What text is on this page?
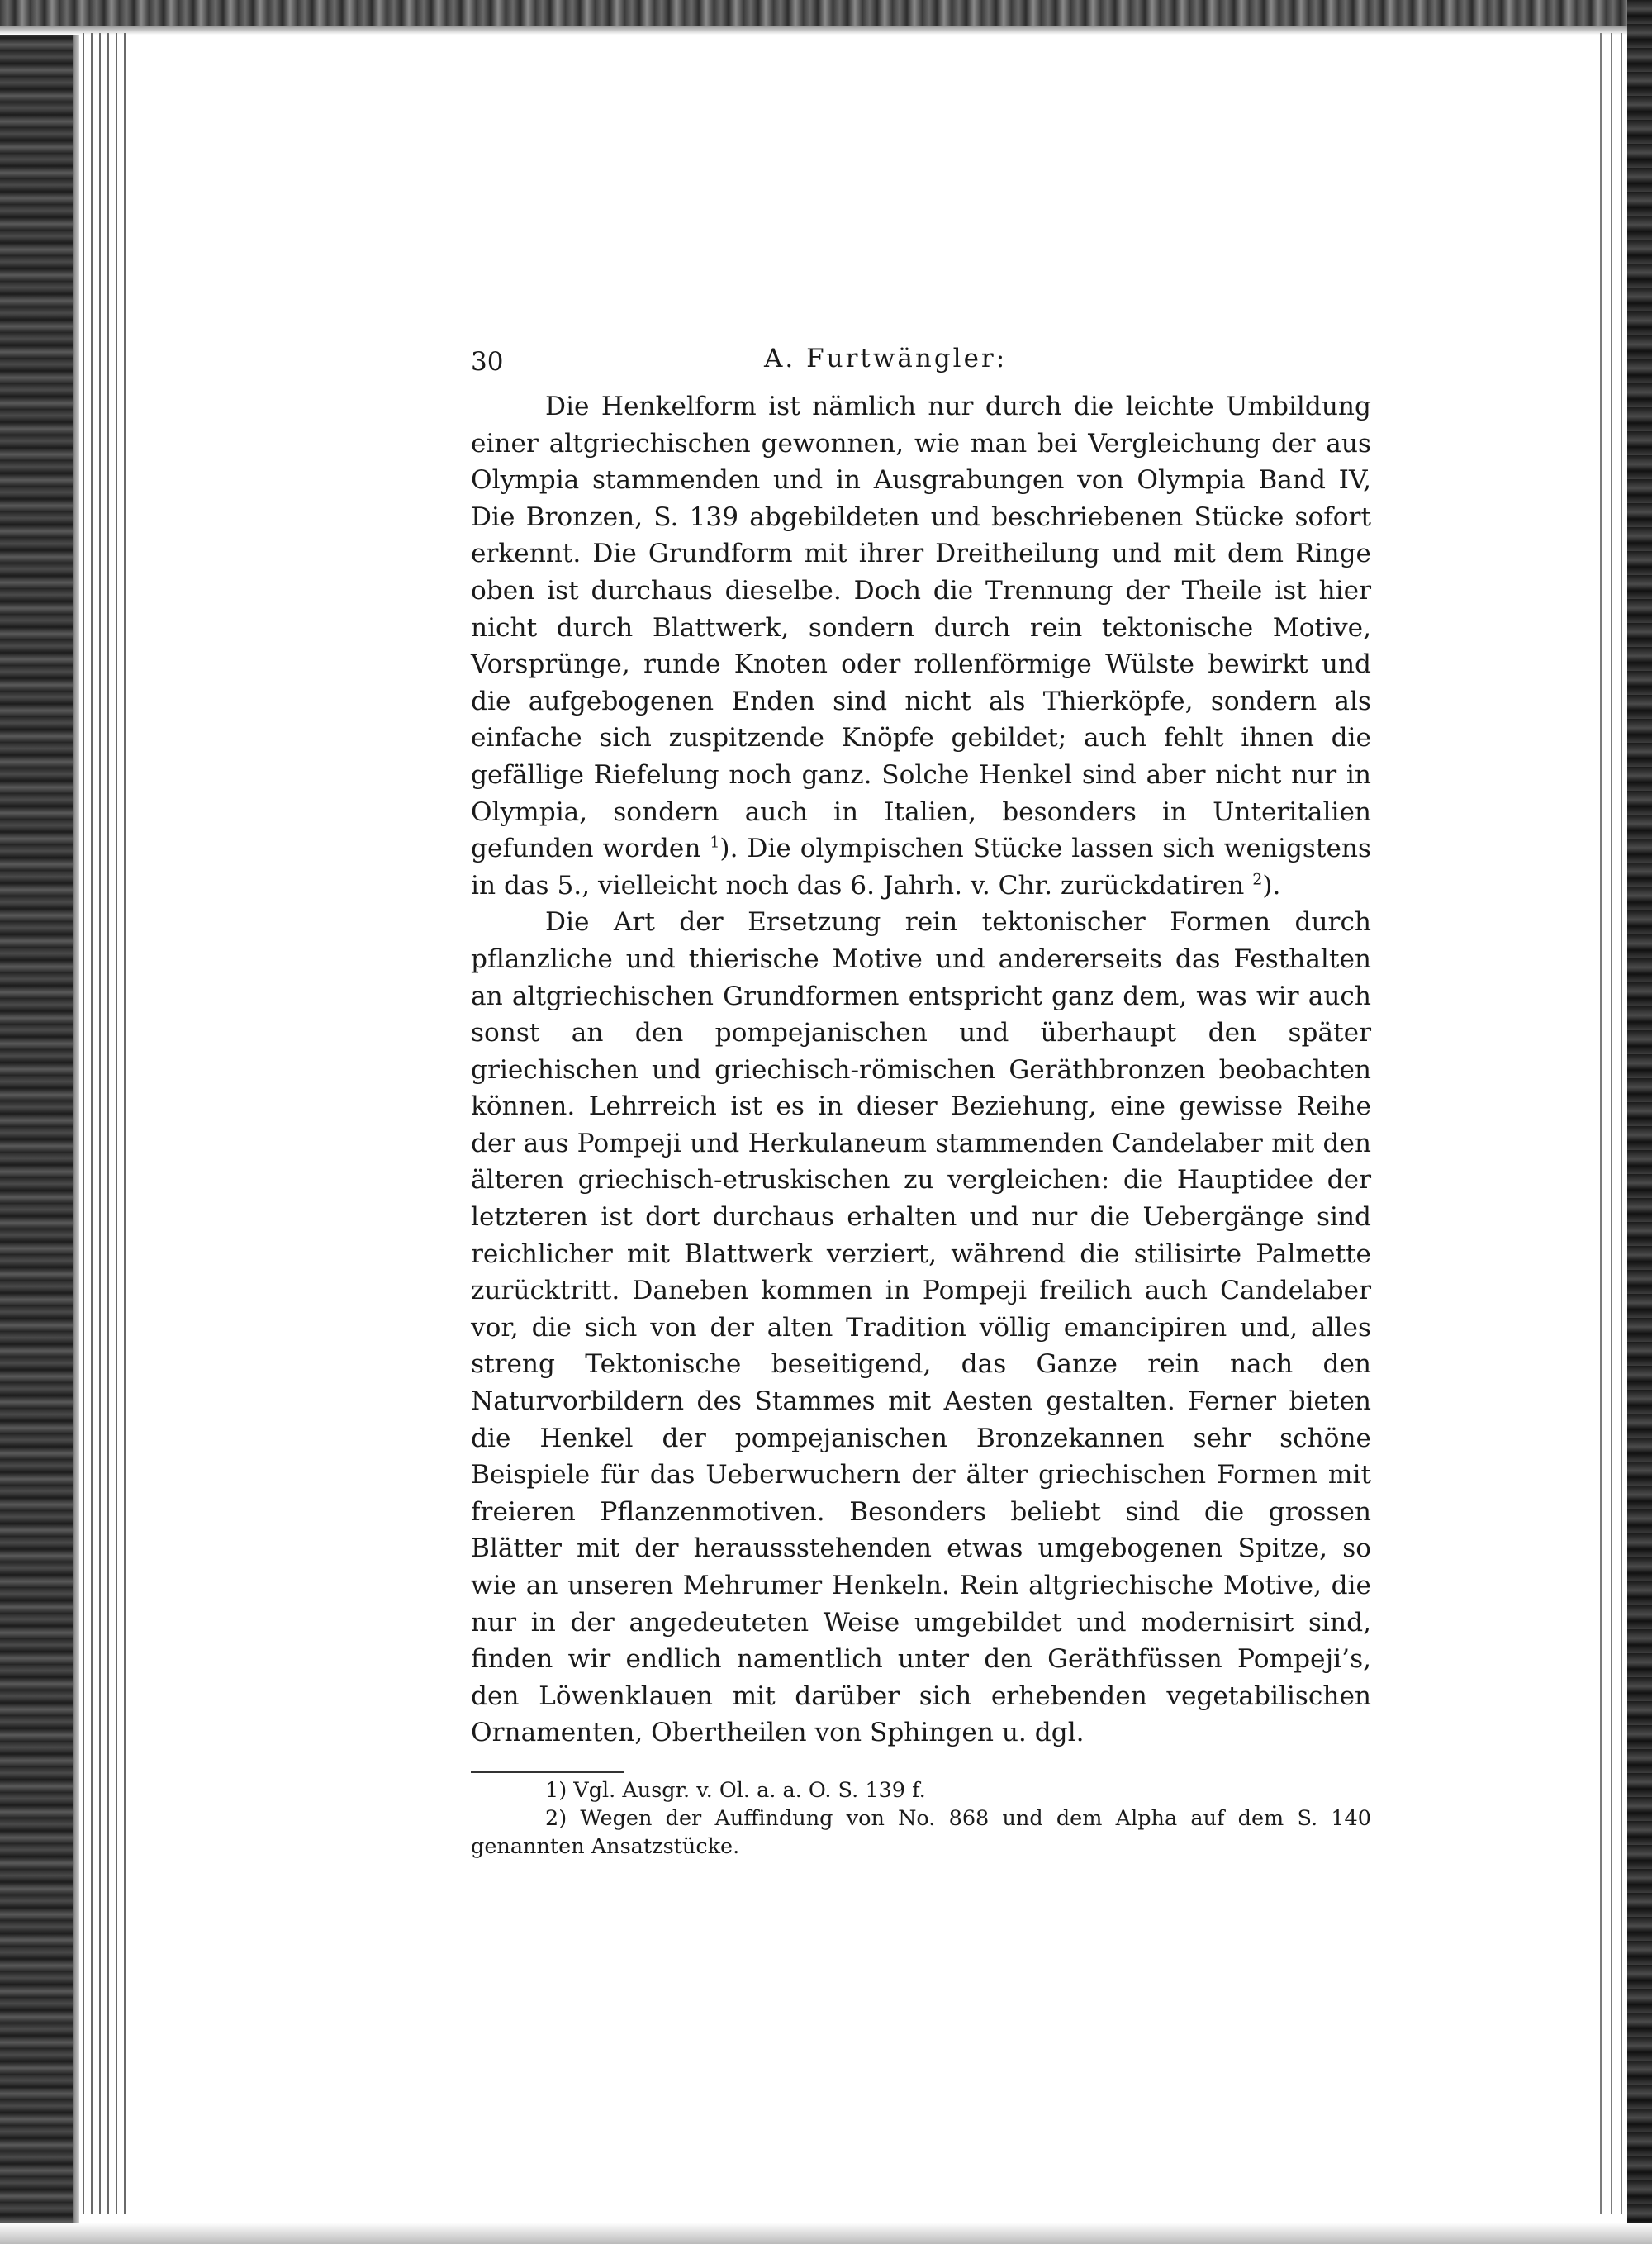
30	A. Furtwängler:

Die Henkelform ist nämlich nur durch die leichte Umbildung einer altgriechischen gewonnen, wie man bei Vergleichung der aus Olympia stammenden und in Ausgrabungen von Olympia Band IV, Die Bronzen, S. 139 abgebildeten und beschriebenen Stücke sofort erkennt. Die Grundform mit ihrer Dreitheilung und mit dem Ringe oben ist durchaus dieselbe. Doch die Trennung der Theile ist hier nicht durch Blattwerk, sondern durch rein tektonische Motive, Vorsprünge, runde Knoten oder rollenförmige Wülste bewirkt und die aufgebogenen Enden sind nicht als Thierköpfe, sondern als einfache sich zuspitzende Knöpfe gebildet; auch fehlt ihnen die gefällige Riefelung noch ganz. Solche Henkel sind aber nicht nur in Olympia, sondern auch in Italien, besonders in Unteritalien gefunden worden $^1$). Die olympischen Stücke lassen sich wenigstens in das 5., vielleicht noch das 6. Jahrh. v. Chr. zurückdatiren $^2$).

Die Art der Ersetzung rein tektonischer Formen durch pflanzliche und thierische Motive und andererseits das Festhalten an altgriechischen Grundformen entspricht ganz dem, was wir auch sonst an den pompejanischen und überhaupt den später griechischen und griechisch-römischen Geräthbronzen beobachten können. Lehrreich ist es in dieser Beziehung, eine gewisse Reihe der aus Pompeji und Herkulaneum stammenden Candelaber mit den älteren griechisch-etruskischen zu vergleichen: die Hauptidee der letzteren ist dort durchaus erhalten und nur die Uebergänge sind reichlicher mit Blattwerk verziert, während die stilisirte Palmette zurücktritt. Daneben kommen in Pompeji freilich auch Candelaber vor, die sich von der alten Tradition völlig emancipiren und, alles streng Tektonische beseitigend, das Ganze rein nach den Naturvorbildern des Stammes mit Aesten gestalten. Ferner bieten die Henkel der pompejanischen Bronzekannen sehr schöne Beispiele für das Ueberwuchern der älter griechischen Formen mit freieren Pflanzenmotiven. Besonders beliebt sind die grossen Blätter mit der heraussstehenden etwas umgebogenen Spitze, so wie an unseren Mehrumer Henkeln. Rein altgriechische Motive, die nur in der angedeuteten Weise umgebildet und modernisirt sind, finden wir endlich namentlich unter den Geräthfüssen Pompeji’s, den Löwenklauen mit darüber sich erhebenden vegetabilischen Ornamenten, Obertheilen von Sphingen u. dgl.

1) Vgl. Ausgr. v. Ol. a. a. O. S. 139 f.

2) Wegen der Auffindung von No. 868 und dem Alpha auf dem S. 140 genannten Ansatzstücke.
